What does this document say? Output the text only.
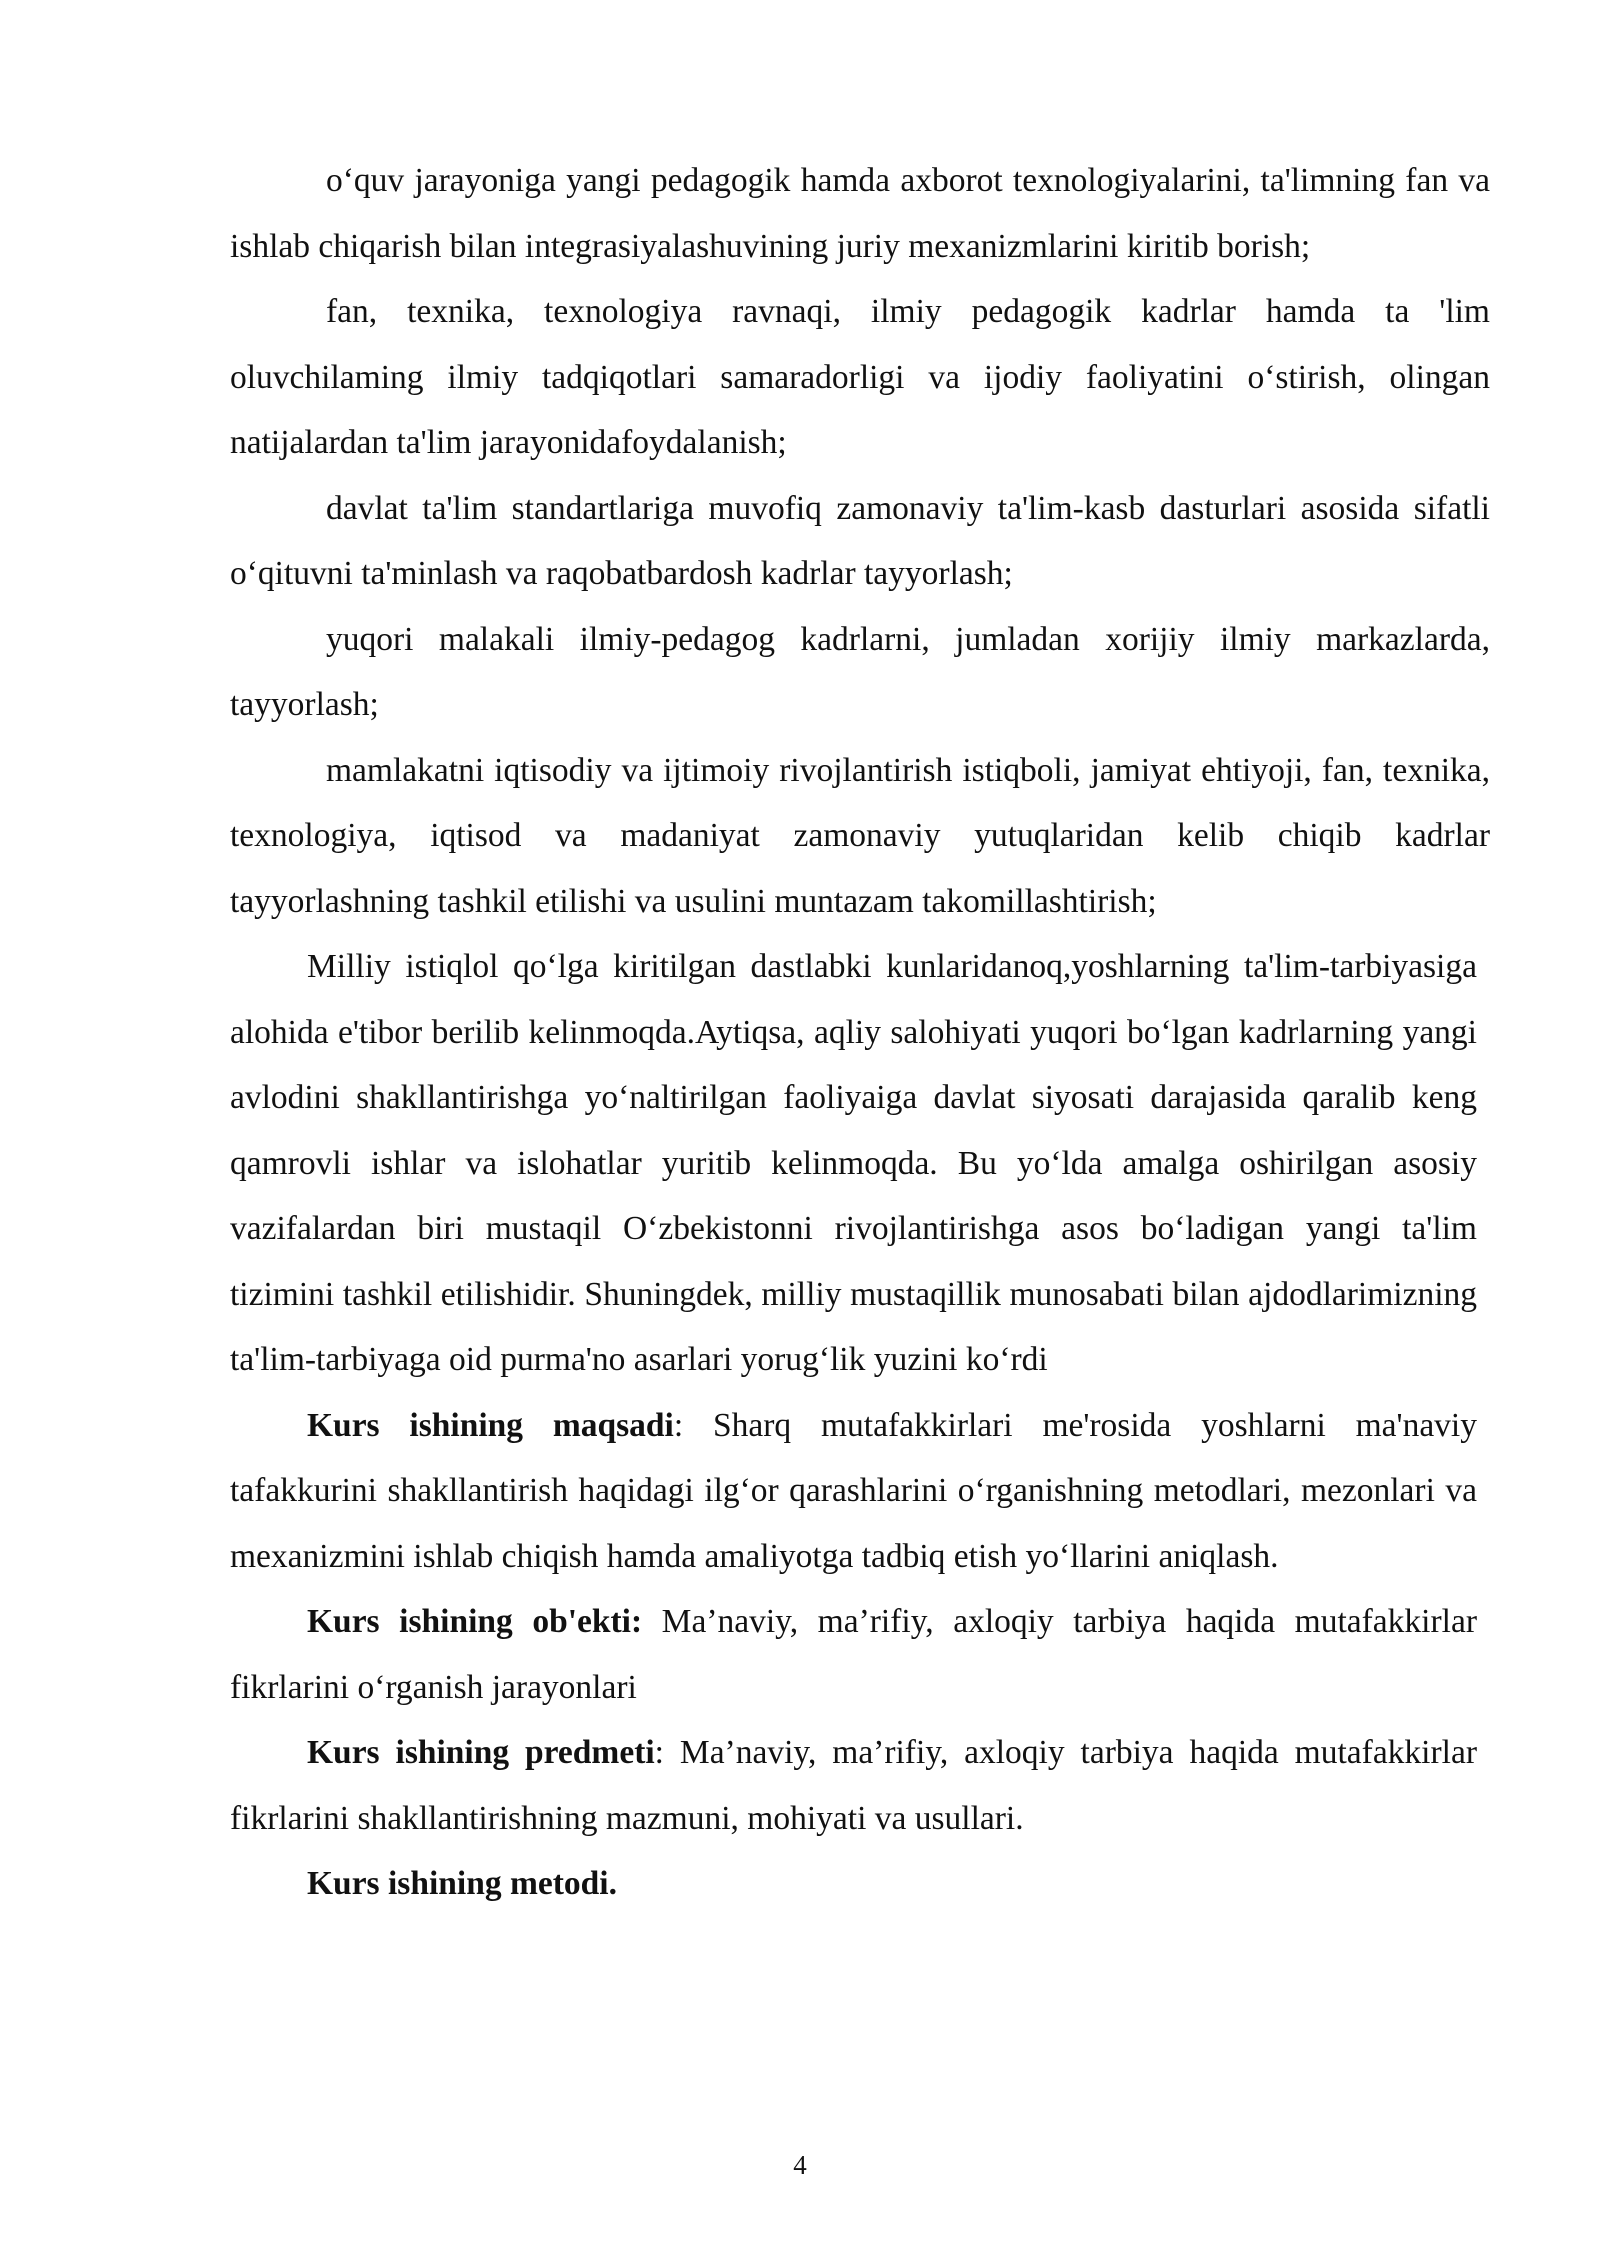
o‘quv jarayoniga yangi pedagogik hamda axborot texnologiyalarini, ta'limning fan va ishlab chiqarish bilan integrasiyalashuvining juriy mexanizmlarini kiritib borish;

fan, texnika, texnologiya ravnaqi, ilmiy pedagogik kadrlar hamda ta 'lim oluvchilaming ilmiy tadqiqotlari samaradorligi va ijodiy faoliyatini o‘stirish, olingan natijalardan ta'lim jarayonidafoydalanish;

davlat ta'lim standartlariga muvofiq zamonaviy ta'lim-kasb dasturlari asosida sifatli o‘qituvni ta'minlash va raqobatbardosh kadrlar tayyorlash;

yuqori malakali ilmiy-pedagog kadrlarni, jumladan xorijiy ilmiy markazlarda, tayyorlash;

mamlakatni iqtisodiy va ijtimoiy rivojlantirish istiqboli, jamiyat ehtiyoji, fan, texnika, texnologiya, iqtisod va madaniyat zamonaviy yutuqlaridan kelib chiqib kadrlar tayyorlashning tashkil etilishi va usulini muntazam takomillashtirish;

Milliy istiqlol qo‘lga kiritilgan dastlabki kunlaridanoq,yoshlarning ta'lim-tarbiyasiga alohida e'tibor berilib kelinmoqda.Aytiqsa, aqliy salohiyati yuqori bo‘lgan kadrlarning yangi avlodini shakllantirishga yo‘naltirilgan faoliyaiga davlat siyosati darajasida qaralib keng qamrovli ishlar va islohatlar yuritib kelinmoqda. Bu yo‘lda amalga oshirilgan asosiy vazifalardan biri mustaqil O‘zbekistonni rivojlantirishga asos bo‘ladigan yangi ta'lim tizimini tashkil etilishidir. Shuningdek, milliy mustaqillik munosabati bilan ajdodlarimizning ta'lim-tarbiyaga oid purma'no asarlari yorug‘lik yuzini ko‘rdi

Kurs ishining maqsadi: Sharq mutafakkirlari me'rosida yoshlarni ma'naviy tafakkurini shakllantirish haqidagi ilg‘or qarashlarini o‘rganishning metodlari, mezonlari va mexanizmini ishlab chiqish hamda amaliyotga tadbiq etish yo‘llarini aniqlash.

Kurs ishining ob'ekti: Ma’naviy, ma’rifiy, axloqiy tarbiya haqida mutafakkirlar fikrlarini o‘rganish jarayonlari

Kurs ishining predmeti: Ma’naviy, ma’rifiy, axloqiy tarbiya haqida mutafakkirlar fikrlarini shakllantirishning mazmuni, mohiyati va usullari.

Kurs ishining metodi.

4
